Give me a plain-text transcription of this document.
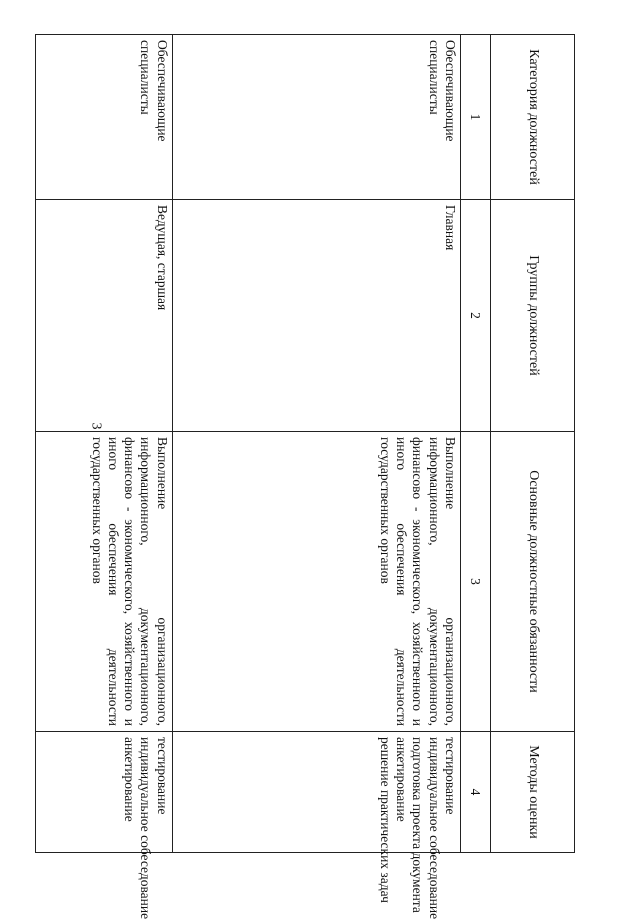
3
Категория должностей	Группы должностей	Основные должностные обязанности	Методы оценки
1	2	3	4
Обеспечивающие специалисты	Главная	Выполнение организационного, информационного, документационного, финансово - экономического, хозяйственного и иного обеспечения деятельности государственных органов	тестирование
индивидуальное собеседование
подготовка проекта документа
анкетирование
решение практических задач

Обеспечивающие специалисты	Ведущая, старшая	Выполнение организационного, информационного, документационного, финансово - экономического, хозяйственного и иного обеспечения деятельности государственных органов	тестирование
индивидуальное собеседование
анкетирование
